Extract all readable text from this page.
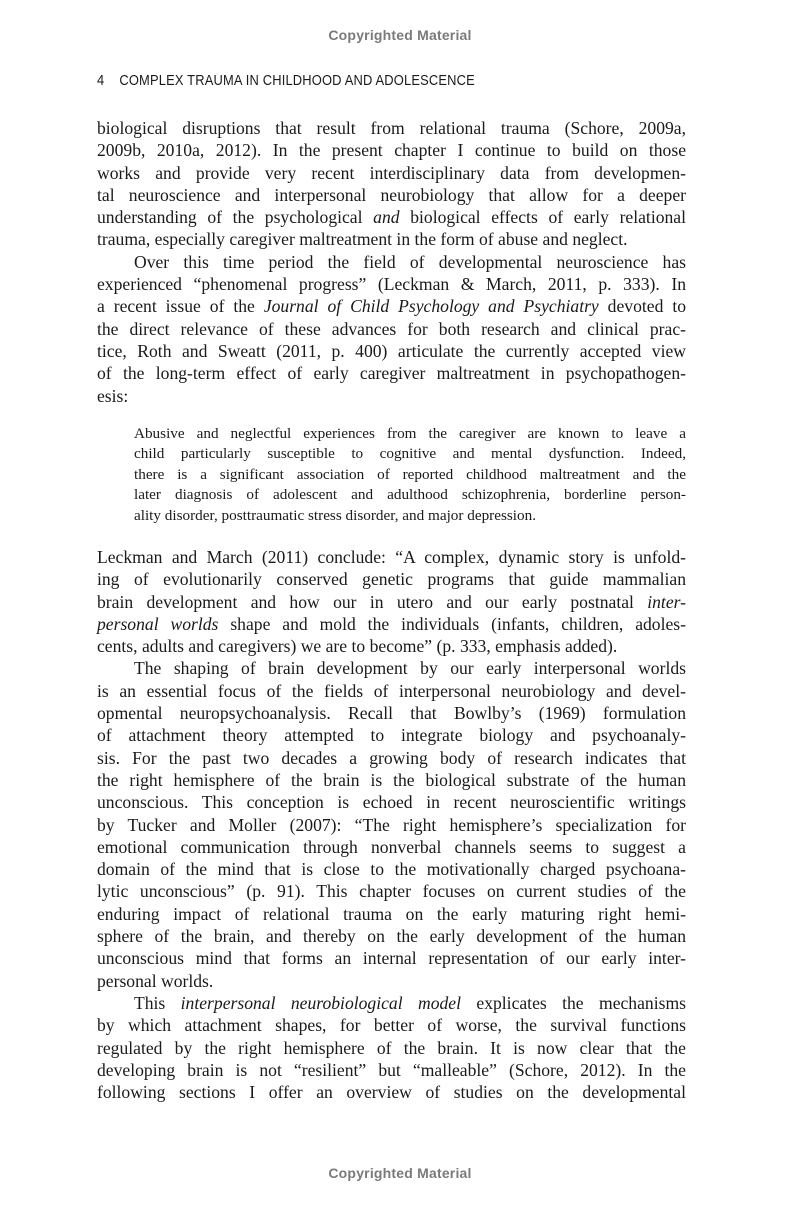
Copyrighted Material
4 COMPLEX TRAUMA IN CHILDHOOD AND ADOLESCENCE
biological disruptions that result from relational trauma (Schore, 2009a,
2009b, 2010a, 2012). In the present chapter I continue to build on those
works and provide very recent interdisciplinary data from developmen-
tal neuroscience and interpersonal neurobiology that allow for a deeper
understanding of the psychological and biological effects of early relational
trauma, especially caregiver maltreatment in the form of abuse and neglect.
Over this time period the field of developmental neuroscience has
experienced “phenomenal progress” (Leckman & March, 2011, p. 333). In
a recent issue of the Journal of Child Psychology and Psychiatry devoted to
the direct relevance of these advances for both research and clinical prac-
tice, Roth and Sweatt (2011, p. 400) articulate the currently accepted view
of the long-term effect of early caregiver maltreatment in psychopathogen-
esis:
Abusive and neglectful experiences from the caregiver are known to leave a
child particularly susceptible to cognitive and mental dysfunction. Indeed,
there is a significant association of reported childhood maltreatment and the
later diagnosis of adolescent and adulthood schizophrenia, borderline person-
ality disorder, posttraumatic stress disorder, and major depression.
Leckman and March (2011) conclude: “A complex, dynamic story is unfold-
ing of evolutionarily conserved genetic programs that guide mammalian
brain development and how our in utero and our early postnatal inter-
personal worlds shape and mold the individuals (infants, children, adoles-
cents, adults and caregivers) we are to become” (p. 333, emphasis added).
The shaping of brain development by our early interpersonal worlds
is an essential focus of the fields of interpersonal neurobiology and devel-
opmental neuropsychoanalysis. Recall that Bowlby’s (1969) formulation
of attachment theory attempted to integrate biology and psychoanaly-
sis. For the past two decades a growing body of research indicates that
the right hemisphere of the brain is the biological substrate of the human
unconscious. This conception is echoed in recent neuroscientific writings
by Tucker and Moller (2007): “The right hemisphere’s specialization for
emotional communication through nonverbal channels seems to suggest a
domain of the mind that is close to the motivationally charged psychoana-
lytic unconscious” (p. 91). This chapter focuses on current studies of the
enduring impact of relational trauma on the early maturing right hemi-
sphere of the brain, and thereby on the early development of the human
unconscious mind that forms an internal representation of our early inter-
personal worlds.
This interpersonal neurobiological model explicates the mechanisms
by which attachment shapes, for better of worse, the survival functions
regulated by the right hemisphere of the brain. It is now clear that the
developing brain is not “resilient” but “malleable” (Schore, 2012). In the
following sections I offer an overview of studies on the developmental
Copyrighted Material
